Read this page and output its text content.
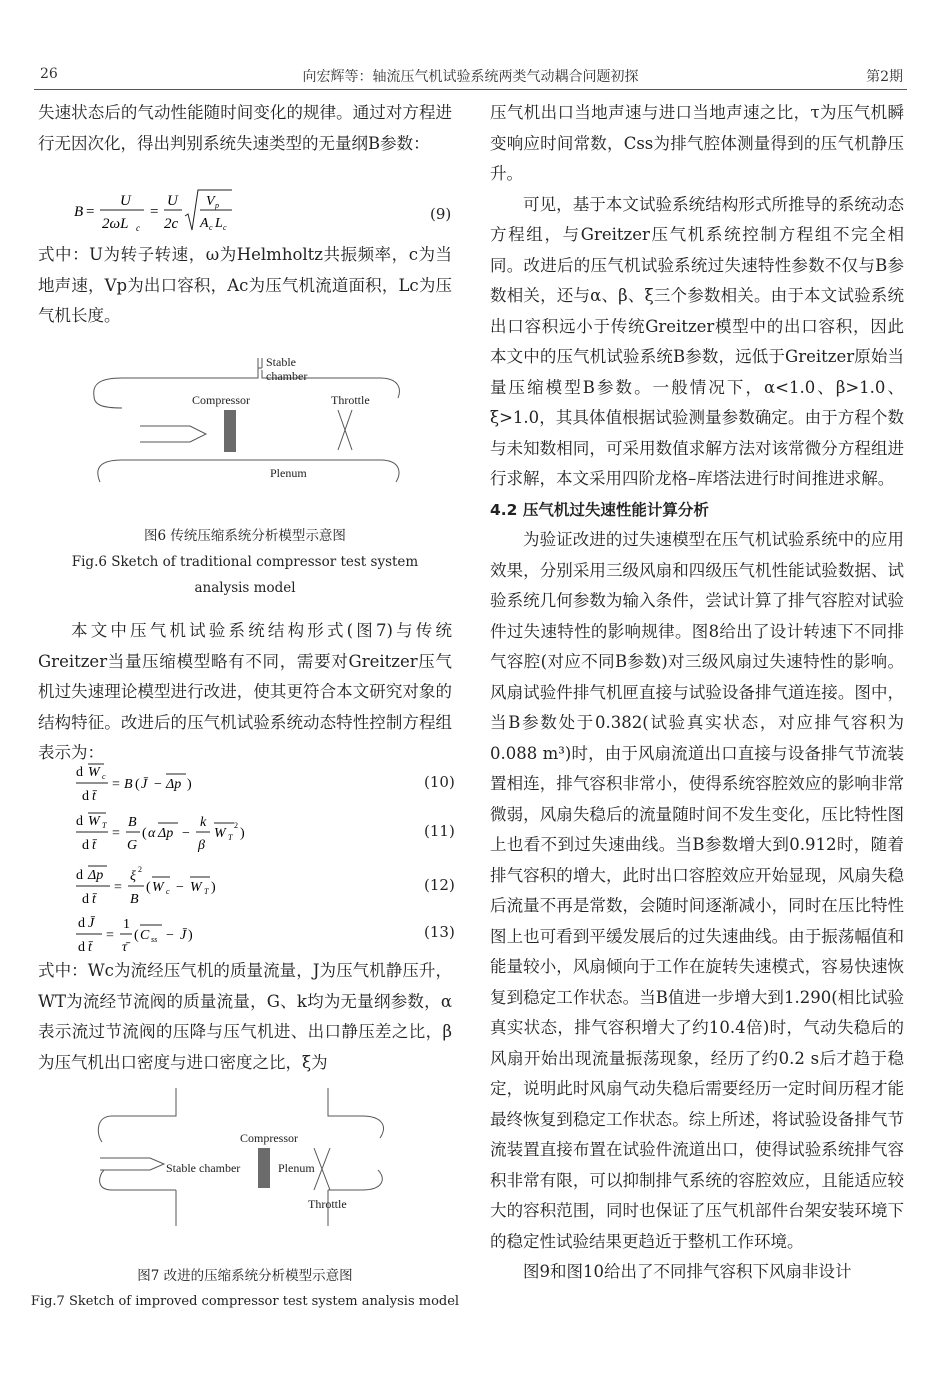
26	向宏辉等：轴流压气机试验系统两类气动耦合问题初探	第2期

失速状态后的气动性能随时间变化的规律。通过对方程进行无因次化，得出判别系统失速类型的无量纲B参数：

B =
U
2ωL c
=
U
2c
V p
A c L c
(9)

式中：U为转子转速，ω为Helmholtz共振频率，c为当地声速，Vp为出口容积，Ac为压气机流道面积，Lc为压气机长度。

Stable
chamber
Compressor	Throttle
Plenum
图6 传统压缩系统分析模型示意图
Fig.6 Sketch of traditional compressor test system
analysis model

本文中压气机试验系统结构形式(图7)与传统Greitzer当量压缩模型略有不同，需要对Greitzer压气机过失速理论模型进行改进，使其更符合本文研究对象的结构特征。改进后的压气机试验系统动态特性控制方程组表示为：

d W c
d t̄
= B ( J̄ − Δp )	(10)
d W T
d t̄
=
B
G
( α Δp −
k
β
W T
2
)	(11)
d Δp
d t̄
=
ξ 2
B
( W c − W T )	(12)
d J̄
d t̄
=
1
τ̄
( C ss − J̄ )	(13)

式中：Wc为流经压气机的质量流量，J为压气机静压升，WT为流经节流阀的质量流量，G、k均为无量纲参数，α表示流过节流阀的压降与压气机进、出口静压差之比，β为压气机出口密度与进口密度之比，ξ为

Compressor
Stable chamber	Plenum
Throttle
图7 改进的压缩系统分析模型示意图
Fig.7 Sketch of improved compressor test system analysis model

压气机出口当地声速与进口当地声速之比，τ为压气机瞬变响应时间常数，Css为排气腔体测量得到的压气机静压升。

可见，基于本文试验系统结构形式所推导的系统动态方程组，与Greitzer压气机系统控制方程组不完全相同。改进后的压气机试验系统过失速特性参数不仅与B参数相关，还与α、β、ξ三个参数相关。由于本文试验系统出口容积远小于传统Greitzer模型中的出口容积，因此本文中的压气机试验系统B参数，远低于Greitzer原始当量压缩模型B参数。一般情况下，α<1.0、β>1.0、ξ>1.0，其具体值根据试验测量参数确定。由于方程个数与未知数相同，可采用数值求解方法对该常微分方程组进行求解，本文采用四阶龙格–库塔法进行时间推进求解。

4.2 压气机过失速性能计算分析

为验证改进的过失速模型在压气机试验系统中的应用效果，分别采用三级风扇和四级压气机性能试验数据、试验系统几何参数为输入条件，尝试计算了排气容腔对试验件过失速特性的影响规律。图8给出了设计转速下不同排气容腔(对应不同B参数)对三级风扇过失速特性的影响。风扇试验件排气机匣直接与试验设备排气道连接。图中，当B参数处于0.382(试验真实状态，对应排气容积为0.088 m³)时，由于风扇流道出口直接与设备排气节流装置相连，排气容积非常小，使得系统容腔效应的影响非常微弱，风扇失稳后的流量随时间不发生变化，压比特性图上也看不到过失速曲线。当B参数增大到0.912时，随着排气容积的增大，此时出口容腔效应开始显现，风扇失稳后流量不再是常数，会随时间逐渐减小，同时在压比特性图上也可看到平缓发展后的过失速曲线。由于振荡幅值和能量较小，风扇倾向于工作在旋转失速模式，容易快速恢复到稳定工作状态。当B值进一步增大到1.290(相比试验真实状态，排气容积增大了约10.4倍)时，气动失稳后的风扇开始出现流量振荡现象，经历了约0.2 s后才趋于稳定，说明此时风扇气动失稳后需要经历一定时间历程才能最终恢复到稳定工作状态。综上所述，将试验设备排气节流装置直接布置在试验件流道出口，使得试验系统排气容积非常有限，可以抑制排气系统的容腔效应，且能适应较大的容积范围，同时也保证了压气机部件台架安装环境下的稳定性试验结果更趋近于整机工作环境。

图9和图10给出了不同排气容积下风扇非设计
